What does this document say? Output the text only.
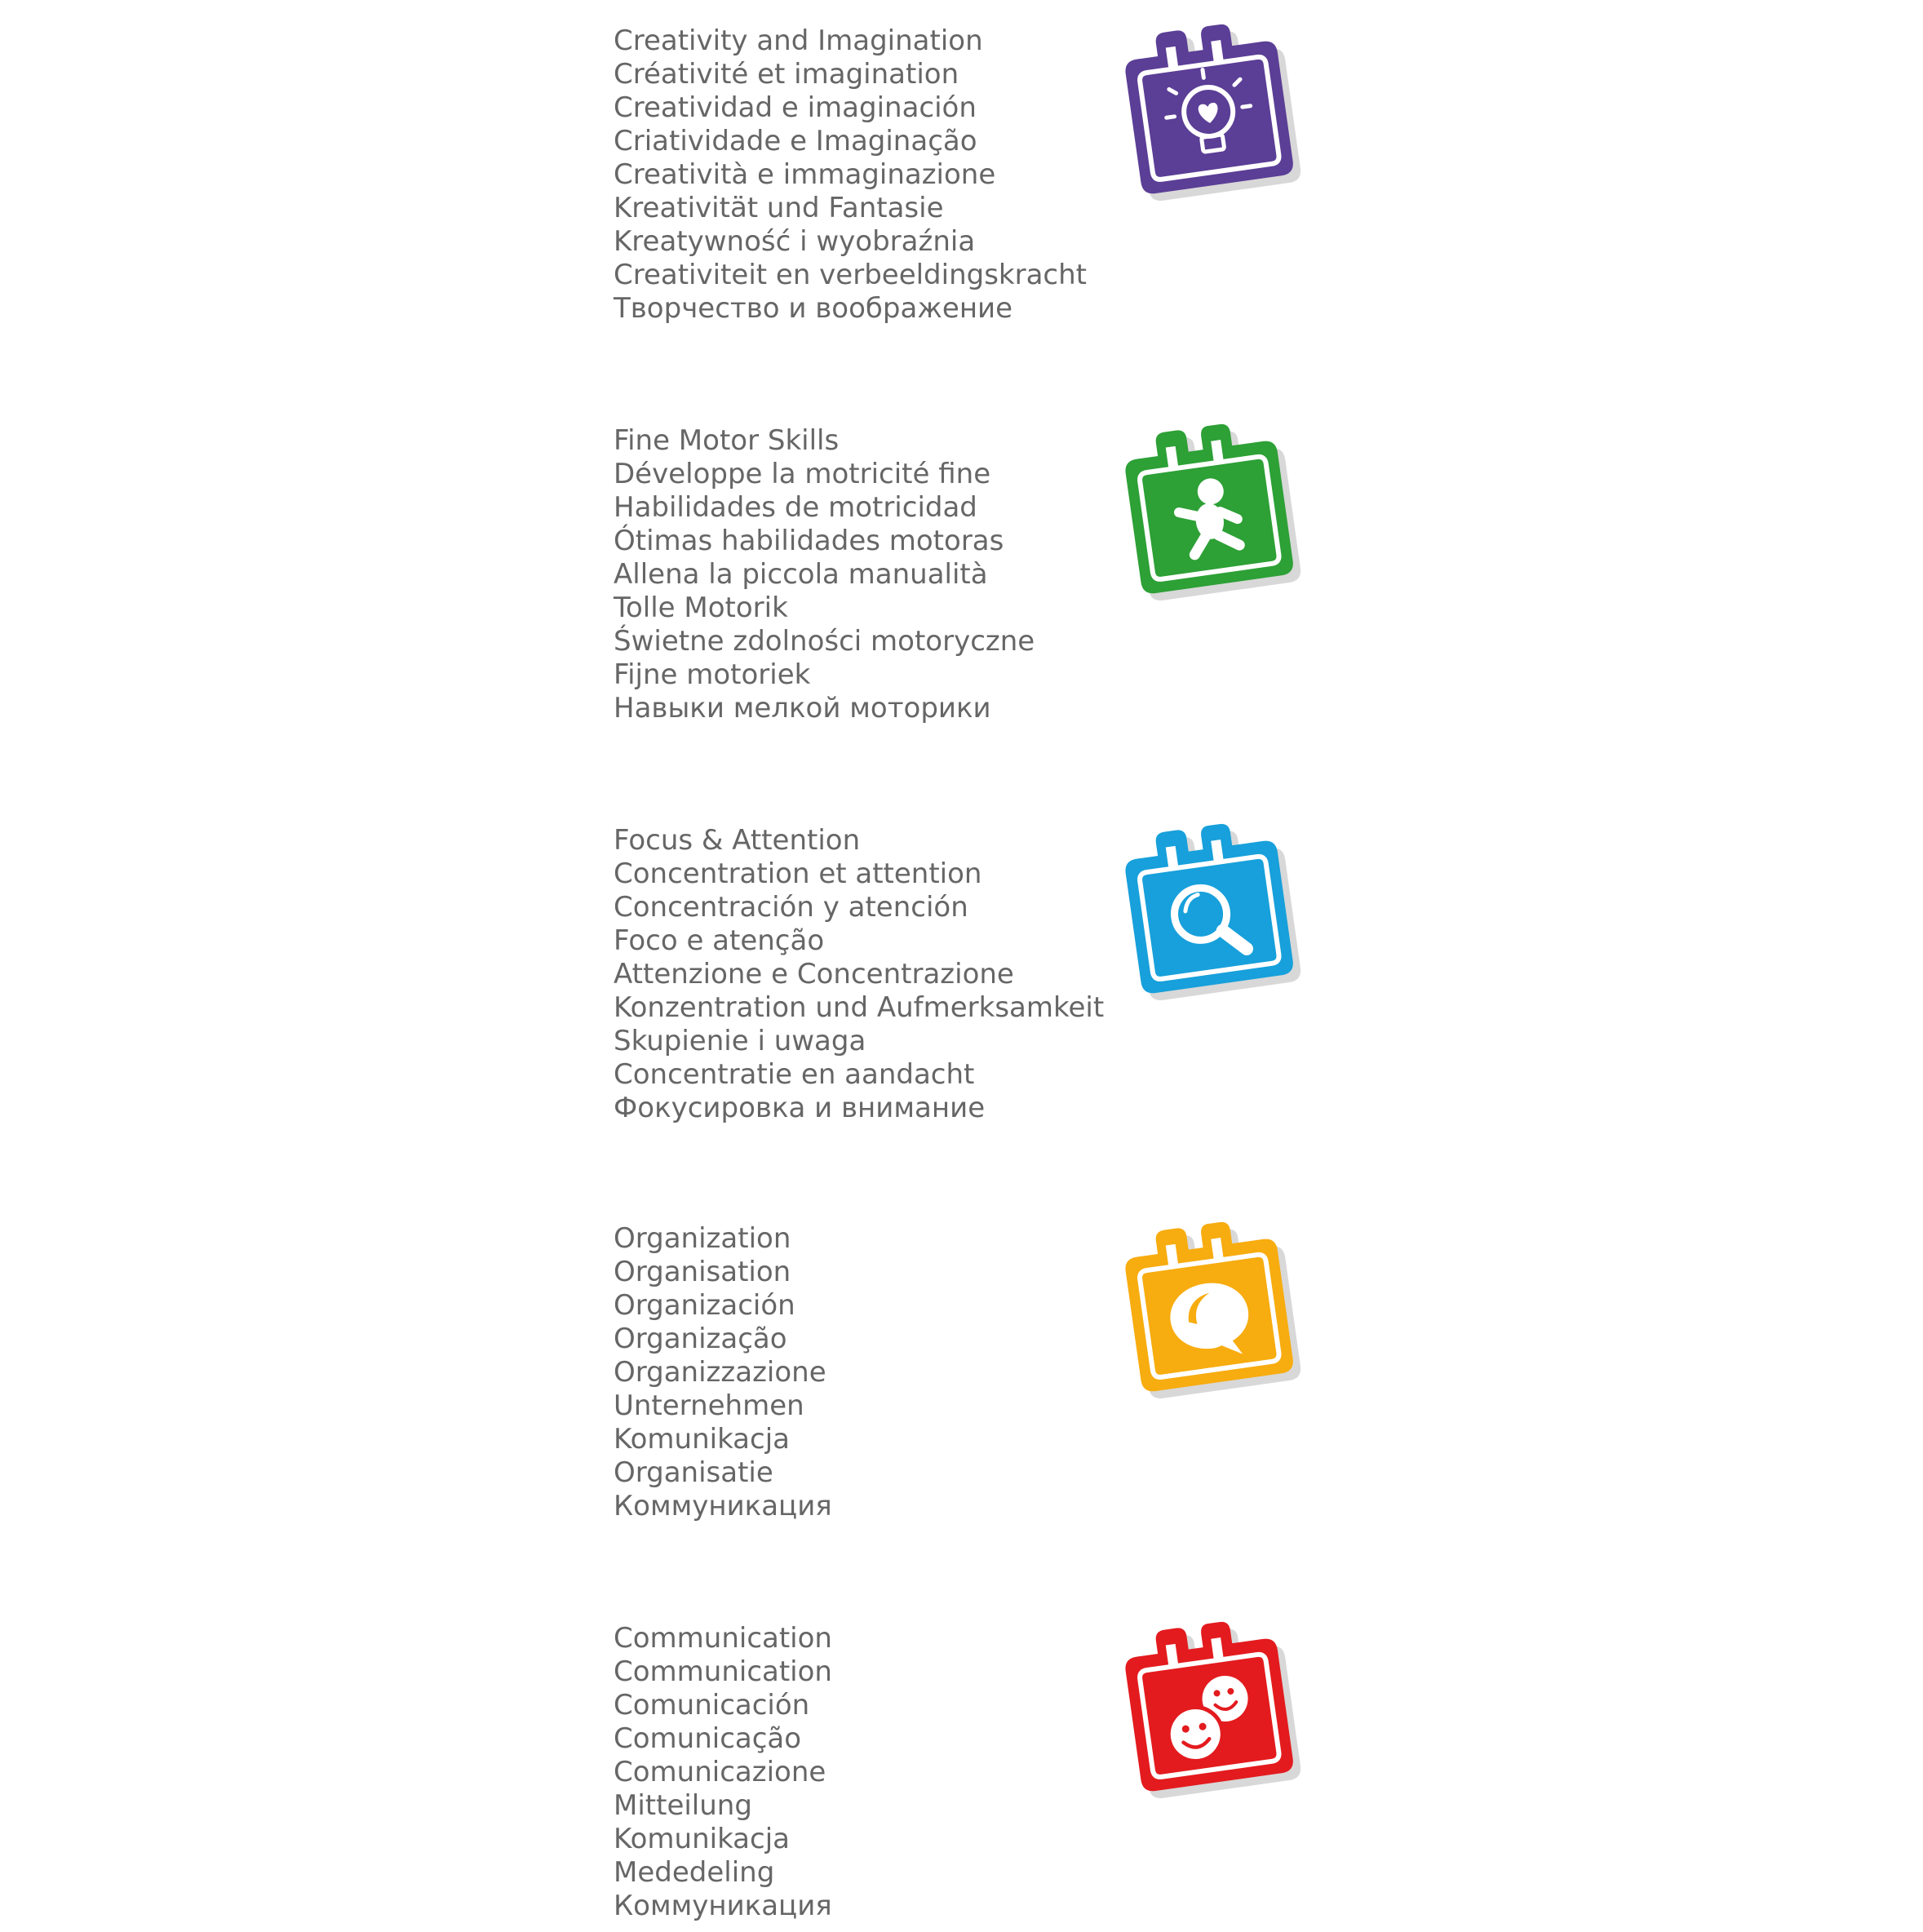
Creativity and Imagination
Créativité et imagination
Creatividad e imaginación
Criatividade e Imaginação
Creatività e immaginazione
Kreativität und Fantasie
Kreatywność i wyobraźnia
Creativiteit en verbeeldingskracht
Творчество и воображение
Fine Motor Skills
Développe la motricité fine
Habilidades de motricidad
Ótimas habilidades motoras
Allena la piccola manualità
Tolle Motorik
Świetne zdolności motoryczne
Fijne motoriek
Навыки мелкой моторики
Focus & Attention
Concentration et attention
Concentración y atención
Foco e atenção
Attenzione e Concentrazione
Konzentration und Aufmerksamkeit
Skupienie i uwaga
Concentratie en aandacht
Фокусировка и внимание
Organization
Organisation
Organización
Organização
Organizzazione
Unternehmen
Komunikacja
Organisatie
Коммуникация
Communication
Communication
Comunicación
Comunicação
Comunicazione
Mitteilung
Komunikacja
Mededeling
Коммуникация
